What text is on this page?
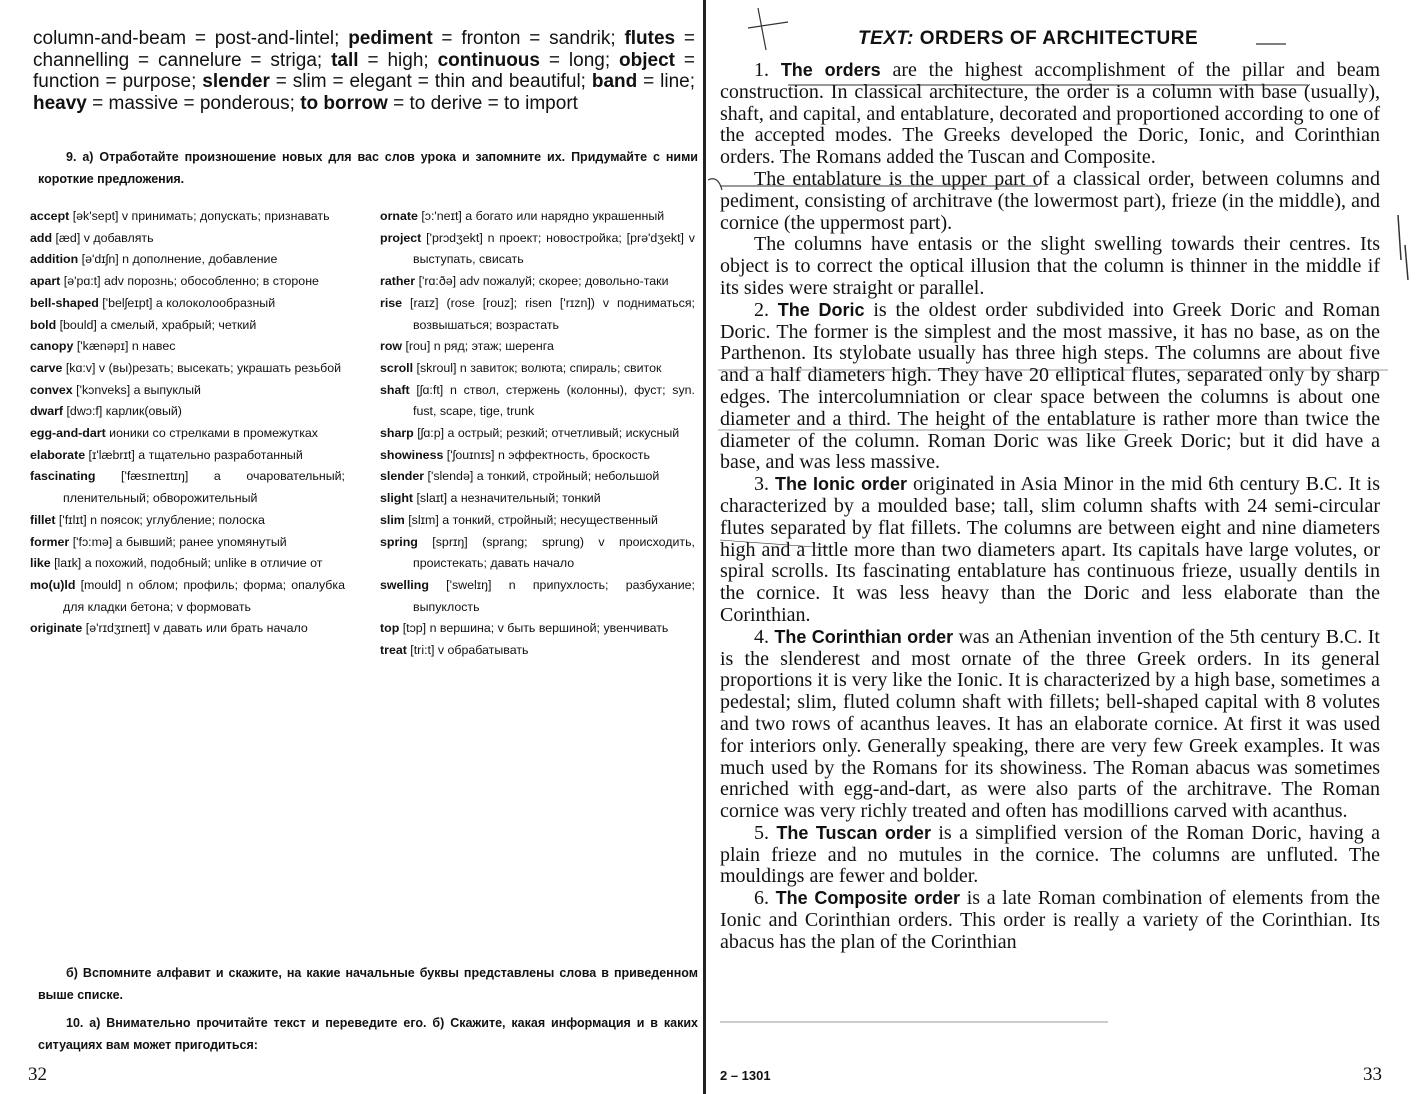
column-and-beam = post-and-lintel; pediment = fronton = sandrik; flutes = channelling = cannelure = striga; tall = high; continuous = long; object = function = purpose; slender = slim = elegant = thin and beautiful; band = line; heavy = massive = ponderous; to borrow = to derive = to import
9. а) Отработайте произношение новых для вас слов урока и запомните их. Придумайте с ними короткие предложения.
accept [ək'sept] v принимать; допускать; признавать
add [æd] v добавлять
addition [ə'dɪʃn] n дополнение, добавление
apart [ə'pɑ:t] adv порознь; обособленно; в стороне
bell-shaped ['belʃeɪpt] a колоколообразный
bold [bould] a смелый, храбрый; четкий
canopy ['kænəpɪ] n навес
carve [kɑ:v] v (вы)резать; высекать; украшать резьбой
convex ['kɔnveks] a выпуклый
dwarf [dwɔ:f] карлик(овый)
egg-and-dart ионики со стрелками в промежутках
elaborate [ɪ'læbrɪt] a тщательно разработанный
fascinating ['fæsɪneɪtɪŋ] a очаровательный; пленительный; обворожительный
fillet ['fɪlɪt] n поясок; углубление; полоска
former ['fɔ:mə] a бывший; ранее упомянутый
like [laɪk] a похожий, подобный; unlike в отличие от
mo(u)ld [mould] n облом; профиль; форма; опалубка для кладки бетона; v формовать
originate [ə'rɪdʒɪneɪt] v давать или брать начало
ornate [ɔ:'neɪt] a богато или нарядно украшенный
project ['prɔdʒekt] n проект; новостройка; [prə'dʒekt] v выступать, свисать
rather ['rɑ:ðə] adv пожалуй; скорее; довольно-таки
rise [raɪz] (rose [rouz]; risen ['rɪzn]) v подниматься; возвышаться; возрастать
row [rou] n ряд; этаж; шеренга
scroll [skroul] n завиток; волюта; спираль; свиток
shaft [ʃɑ:ft] n ствол, стержень (колонны), фуст; syn. fust, scape, tige, trunk
sharp [ʃɑ:p] a острый; резкий; отчетливый; искусный
showiness ['ʃouɪnɪs] n эффектность, броскость
slender ['slendə] a тонкий, стройный; небольшой
slight [slaɪt] a незначительный; тонкий
slim [slɪm] a тонкий, стройный; несущественный
spring [sprɪŋ] (sprang; sprung) v происходить, проистекать; давать начало
swelling ['swelɪŋ] n припухлость; разбухание; выпуклость
top [tɔp] n вершина; v быть вершиной; увенчивать
treat [tri:t] v обрабатывать
б) Вспомните алфавит и скажите, на какие начальные буквы представлены слова в приведенном выше списке.
10. а) Внимательно прочитайте текст и переведите его. б) Скажите, какая информация и в каких ситуациях вам может пригодиться:
32
TEXT: ORDERS OF ARCHITECTURE

1. The orders are the highest accomplishment of the pillar and beam construction. In classical architecture, the order is a column with base (usually), shaft, and capital, and entablature, decorated and proportioned according to one of the accepted modes. The Greeks developed the Doric, Ionic, and Corinthian orders. The Romans added the Tuscan and Composite.

The entablature is the upper part of a classical order, between columns and pediment, consisting of architrave (the lowermost part), frieze (in the middle), and cornice (the uppermost part).

The columns have entasis or the slight swelling towards their centres. Its object is to correct the optical illusion that the column is thinner in the middle if its sides were straight or parallel.

2. The Doric is the oldest order subdivided into Greek Doric and Roman Doric. The former is the simplest and the most massive, it has no base, as on the Parthenon. Its stylobate usually has three high steps. The columns are about five and a half diameters high. They have 20 elliptical flutes, separated only by sharp edges. The intercolumniation or clear space between the columns is about one diameter and a third. The height of the entablature is rather more than twice the diameter of the column. Roman Doric was like Greek Doric; but it did have a base, and was less massive.

3. The Ionic order originated in Asia Minor in the mid 6th century B.C. It is characterized by a moulded base; tall, slim column shafts with 24 semi-circular flutes separated by flat fillets. The columns are between eight and nine diameters high and a little more than two diameters apart. Its capitals have large volutes, or spiral scrolls. Its fascinating entablature has continuous frieze, usually dentils in the cornice. It was less heavy than the Doric and less elaborate than the Corinthian.

4. The Corinthian order was an Athenian invention of the 5th century B.C. It is the slenderest and most ornate of the three Greek orders. In its general proportions it is very like the Ionic. It is characterized by a high base, sometimes a pedestal; slim, fluted column shaft with fillets; bell-shaped capital with 8 volutes and two rows of acanthus leaves. It has an elaborate cornice. At first it was used for interiors only. Generally speaking, there are very few Greek examples. It was much used by the Romans for its showiness. The Roman abacus was sometimes enriched with egg-and-dart, as were also parts of the architrave. The Roman cornice was very richly treated and often has modillions carved with acanthus.

5. The Tuscan order is a simplified version of the Roman Doric, having a plain frieze and no mutules in the cornice. The columns are unfluted. The mouldings are fewer and bolder.

6. The Composite order is a late Roman combination of elements from the Ionic and Corinthian orders. This order is really a variety of the Corinthian. Its abacus has the plan of the Corinthian

2 – 1301	33
